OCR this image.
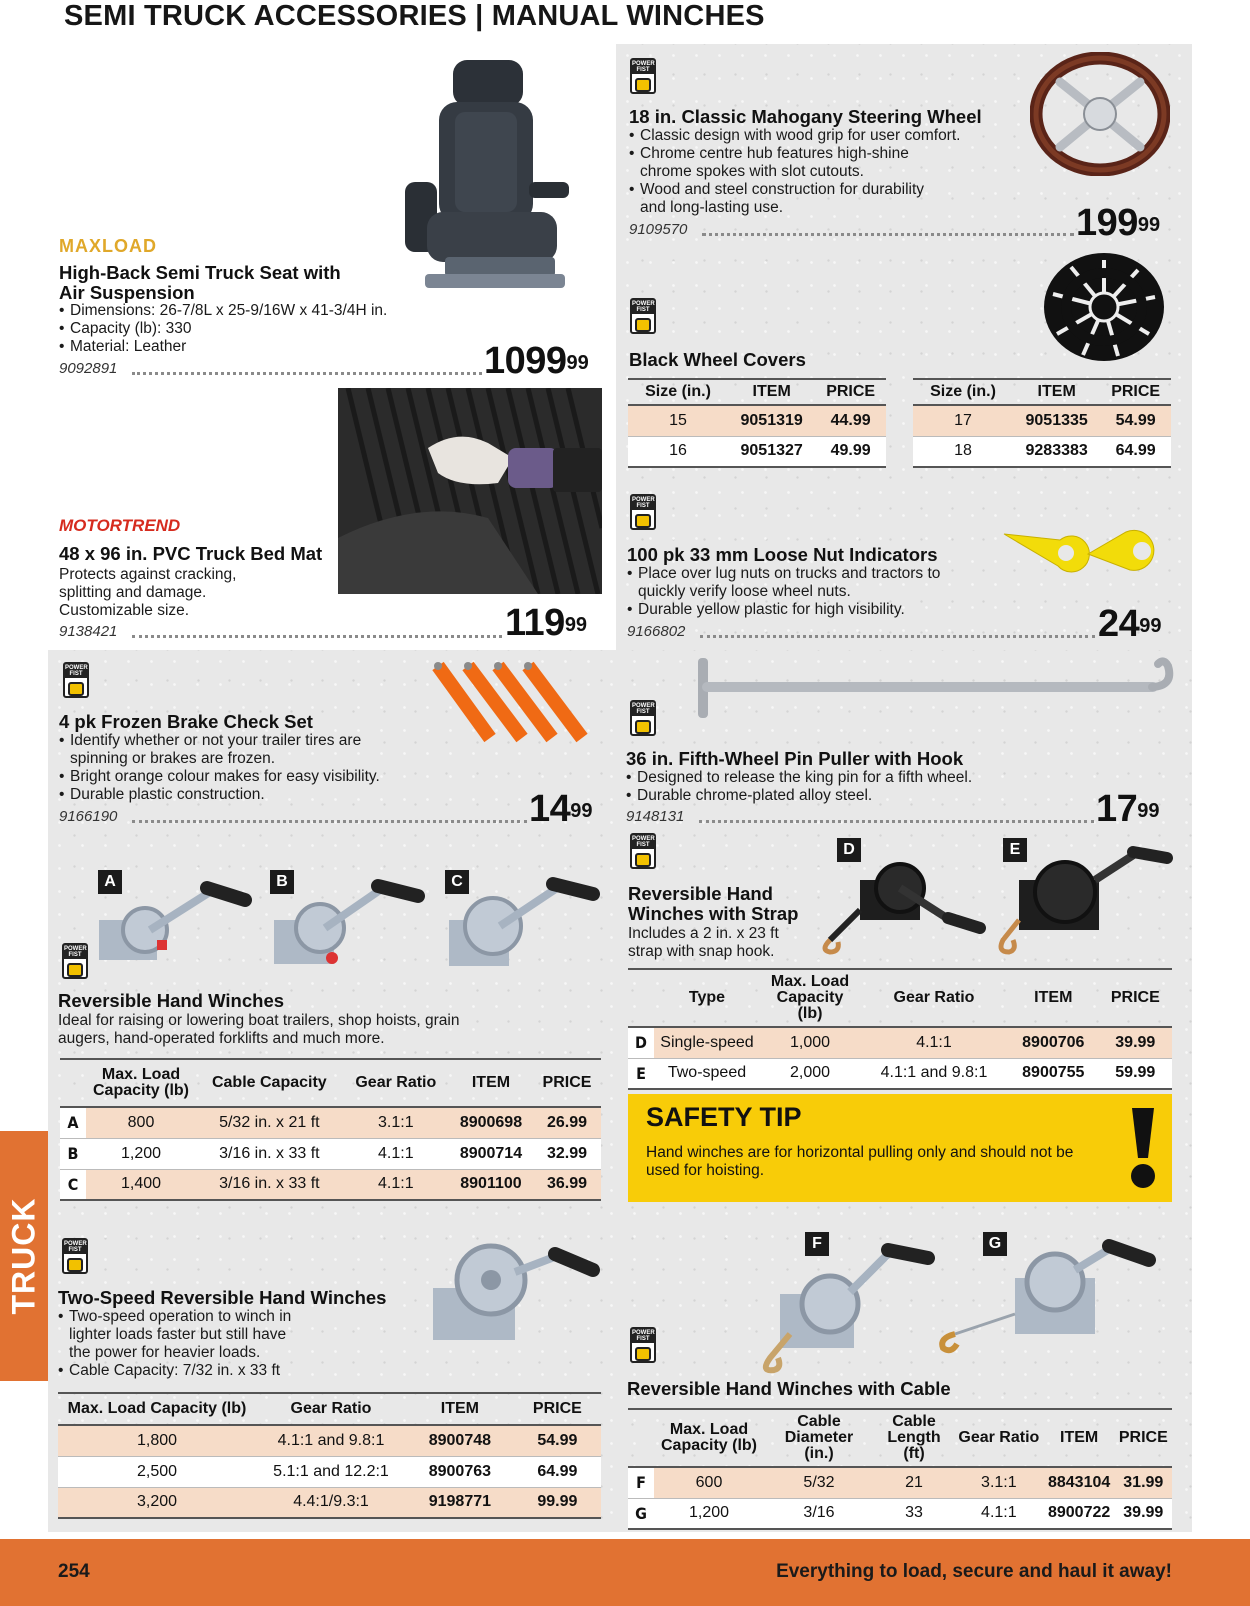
SEMI TRUCK ACCESSORIES | MANUAL WINCHES
MAXLOAD
High-Back Semi Truck Seat with
Air Suspension
• Dimensions: 26-7/8L x 25-9/16W x 41-3/4H in.
• Capacity (lb): 330
• Material: Leather
9092891	1099$^{99}$
MOTORTREND
48 x 96 in. PVC Truck Bed Mat
Protects against cracking,
splitting and damage.
Customizable size.
9138421	$119^{99}$
POWER FIST
18 in. Classic Mahogany Steering Wheel
• Classic design with wood grip for user comfort.
• Chrome centre hub features high-shine
chrome spokes with slot cutouts.
• Wood and steel construction for durability
and long-lasting use.
9109570	$199^{99}$
POWER FIST
Black Wheel Covers
Size (in.)	ITEM	PRICE
15	9051319	44.99
16	9051327	49.99
Size (in.)	ITEM	PRICE
17	9051335	54.99
18	9283383	64.99
POWER FIST
100 pk 33 mm Loose Nut Indicators
• Place over lug nuts on trucks and tractors to
quickly verify loose wheel nuts.
• Durable yellow plastic for high visibility.
9166802	$24^{99}$
POWER FIST
4 pk Frozen Brake Check Set
• Identify whether or not your trailer tires are
spinning or brakes are frozen.
• Bright orange colour makes for easy visibility.
• Durable plastic construction.
9166190	$14^{99}$
POWER FIST
36 in. Fifth-Wheel Pin Puller with Hook
• Designed to release the king pin for a fifth wheel.
• Durable chrome-plated alloy steel.
9148131	$17^{99}$
A	B	C
POWER FIST
Reversible Hand Winches
Ideal for raising or lowering boat trailers, shop hoists, grain
augers, hand-operated forklifts and much more.
	Max. Load Capacity (lb)	Cable Capacity	Gear Ratio	ITEM	PRICE
A	800	5/32 in. x 21 ft	3.1:1	8900698	26.99
B	1,200	3/16 in. x 33 ft	4.1:1	8900714	32.99
C	1,400	3/16 in. x 33 ft	4.1:1	8901100	36.99
POWER FIST	D	E
Reversible Hand
Winches with Strap
Includes a 2 in. x 23 ft
strap with snap hook.
	Type	Max. Load Capacity (lb)	Gear Ratio	ITEM	PRICE
D	Single-speed	1,000	4.1:1	8900706	39.99
E	Two-speed	2,000	4.1:1 and 9.8:1	8900755	59.99
SAFETY TIP
Hand winches are for horizontal pulling only and should not be used for hoisting.
POWER FIST
Two-Speed Reversible Hand Winches
• Two-speed operation to winch in
lighter loads faster but still have
the power for heavier loads.
• Cable Capacity: 7/32 in. x 33 ft
Max. Load Capacity (lb)	Gear Ratio	ITEM	PRICE
1,800	4.1:1 and 9.8:1	8900748	54.99
2,500	5.1:1 and 12.2:1	8900763	64.99
3,200	4.4:1/9.3:1	9198771	99.99
F	G
POWER FIST
Reversible Hand Winches with Cable
	Max. Load Capacity (lb)	Cable Diameter (in.)	Cable Length (ft)	Gear Ratio	ITEM	PRICE
F	600	5/32	21	3.1:1	8843104	31.99
G	1,200	3/16	33	4.1:1	8900722	39.99
TRUCK
254	Everything to load, secure and haul it away!
